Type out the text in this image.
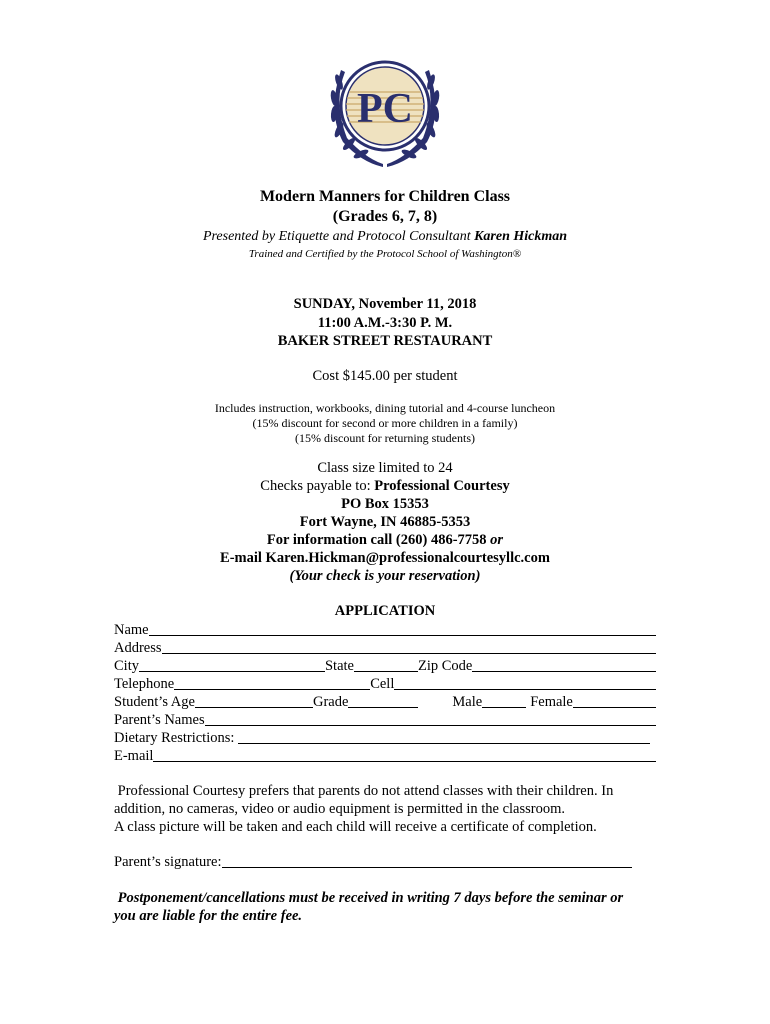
PC
Modern Manners for Children Class
(Grades 6, 7, 8)
Presented by Etiquette and Protocol Consultant Karen Hickman
Trained and Certified by the Protocol School of Washington®
SUNDAY, November 11, 2018
11:00 A.M.-3:30 P. M.
BAKER STREET RESTAURANT
Cost $145.00 per student
Includes instruction, workbooks, dining tutorial and 4-course luncheon
(15% discount for second or more children in a family)
(15% discount for returning students)
Class size limited to 24
Checks payable to: Professional Courtesy
PO Box 15353
Fort Wayne, IN 46885-5353
For information call (260) 486-7758 or
E-mail Karen.Hickman@professionalcourtesyllc.com
(Your check is your reservation)
APPLICATION
Name
Address
City	State	Zip Code
Telephone	Cell
Student’s Age	Grade	Male	Female
Parent’s Names
Dietary Restrictions:
E-mail
Professional Courtesy prefers that parents do not attend classes with their children. In
addition, no cameras, video or audio equipment is permitted in the classroom.
A class picture will be taken and each child will receive a certificate of completion.
Parent’s signature:
Postponement/cancellations must be received in writing 7 days before the seminar or
you are liable for the entire fee.
